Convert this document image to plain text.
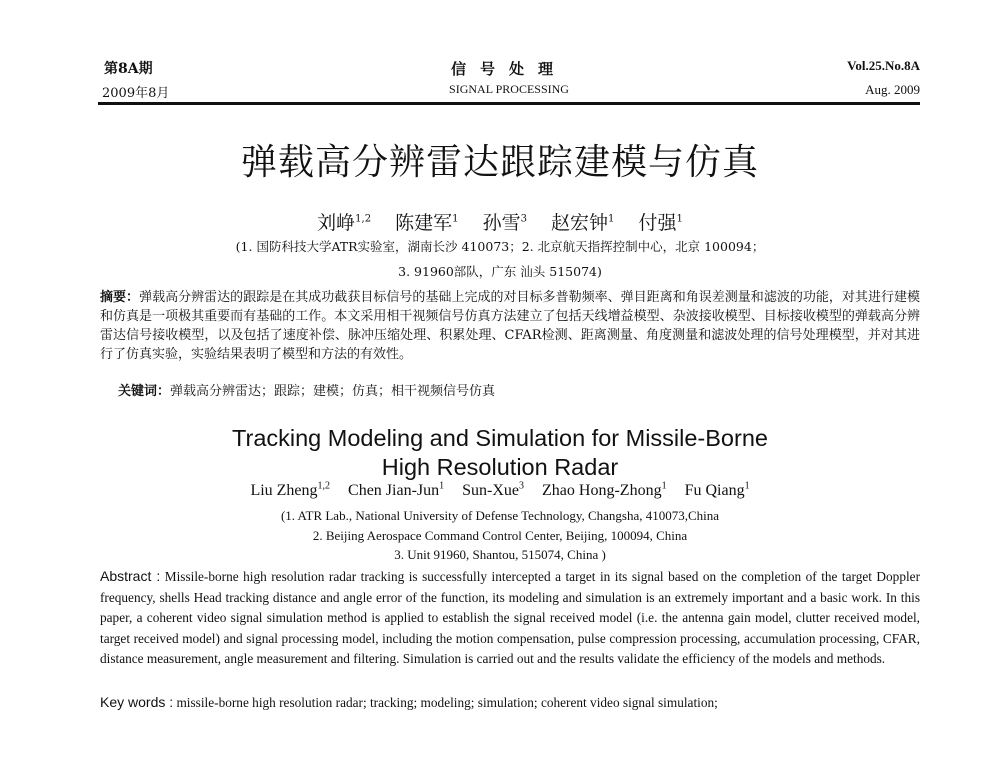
第8A期	信号处理	Vol.25.No.8A
2009年8月	SIGNAL PROCESSING	Aug. 2009
弹载高分辨雷达跟踪建模与仿真
刘峥$^{1,2}$ 陈建军$^1$ 孙雪$^3$ 赵宏钟$^1$ 付强$^1$
(1. 国防科技大学ATR实验室，湖南长沙 410073；2. 北京航天指挥控制中心，北京 100094；
3. 91960部队，广东 汕头 515074)
摘要：弹载高分辨雷达的跟踪是在其成功截获目标信号的基础上完成的对目标多普勒频率、弹目距离和角误差测量和滤波的功能，对其进行建模和仿真是一项极其重要而有基础的工作。本文采用相干视频信号仿真方法建立了包括天线增益模型、杂波接收模型、目标接收模型的弹载高分辨雷达信号接收模型，以及包括了速度补偿、脉冲压缩处理、积累处理、CFAR检测、距离测量、角度测量和滤波处理的信号处理模型，并对其进行了仿真实验，实验结果表明了模型和方法的有效性。
关键词：弹载高分辨雷达；跟踪；建模；仿真；相干视频信号仿真
Tracking Modeling and Simulation for Missile-Borne
High Resolution Radar
Liu Zheng$^{1,2}$ Chen Jian-Jun$^1$ Sun-Xue$^3$ Zhao Hong-Zhong$^1$ Fu Qiang$^1$
(1. ATR Lab., National University of Defense Technology, Changsha, 410073,China
2. Beijing Aerospace Command Control Center, Beijing, 100094, China
3. Unit 91960, Shantou, 515074, China )
Abstract : Missile-borne high resolution radar tracking is successfully intercepted a target in its signal based on the completion of the target Doppler frequency, shells Head tracking distance and angle error of the function, its modeling and simulation is an extremely important and a basic work. In this paper, a coherent video signal simulation method is applied to establish the signal received model (i.e. the antenna gain model, clutter received model, target received model) and signal processing model, including the motion compensation, pulse compression processing, accumulation processing, CFAR, distance measurement, angle measurement and filtering. Simulation is carried out and the results validate the efficiency of the models and methods.
Key words : missile-borne high resolution radar; tracking; modeling; simulation; coherent video signal simulation;
